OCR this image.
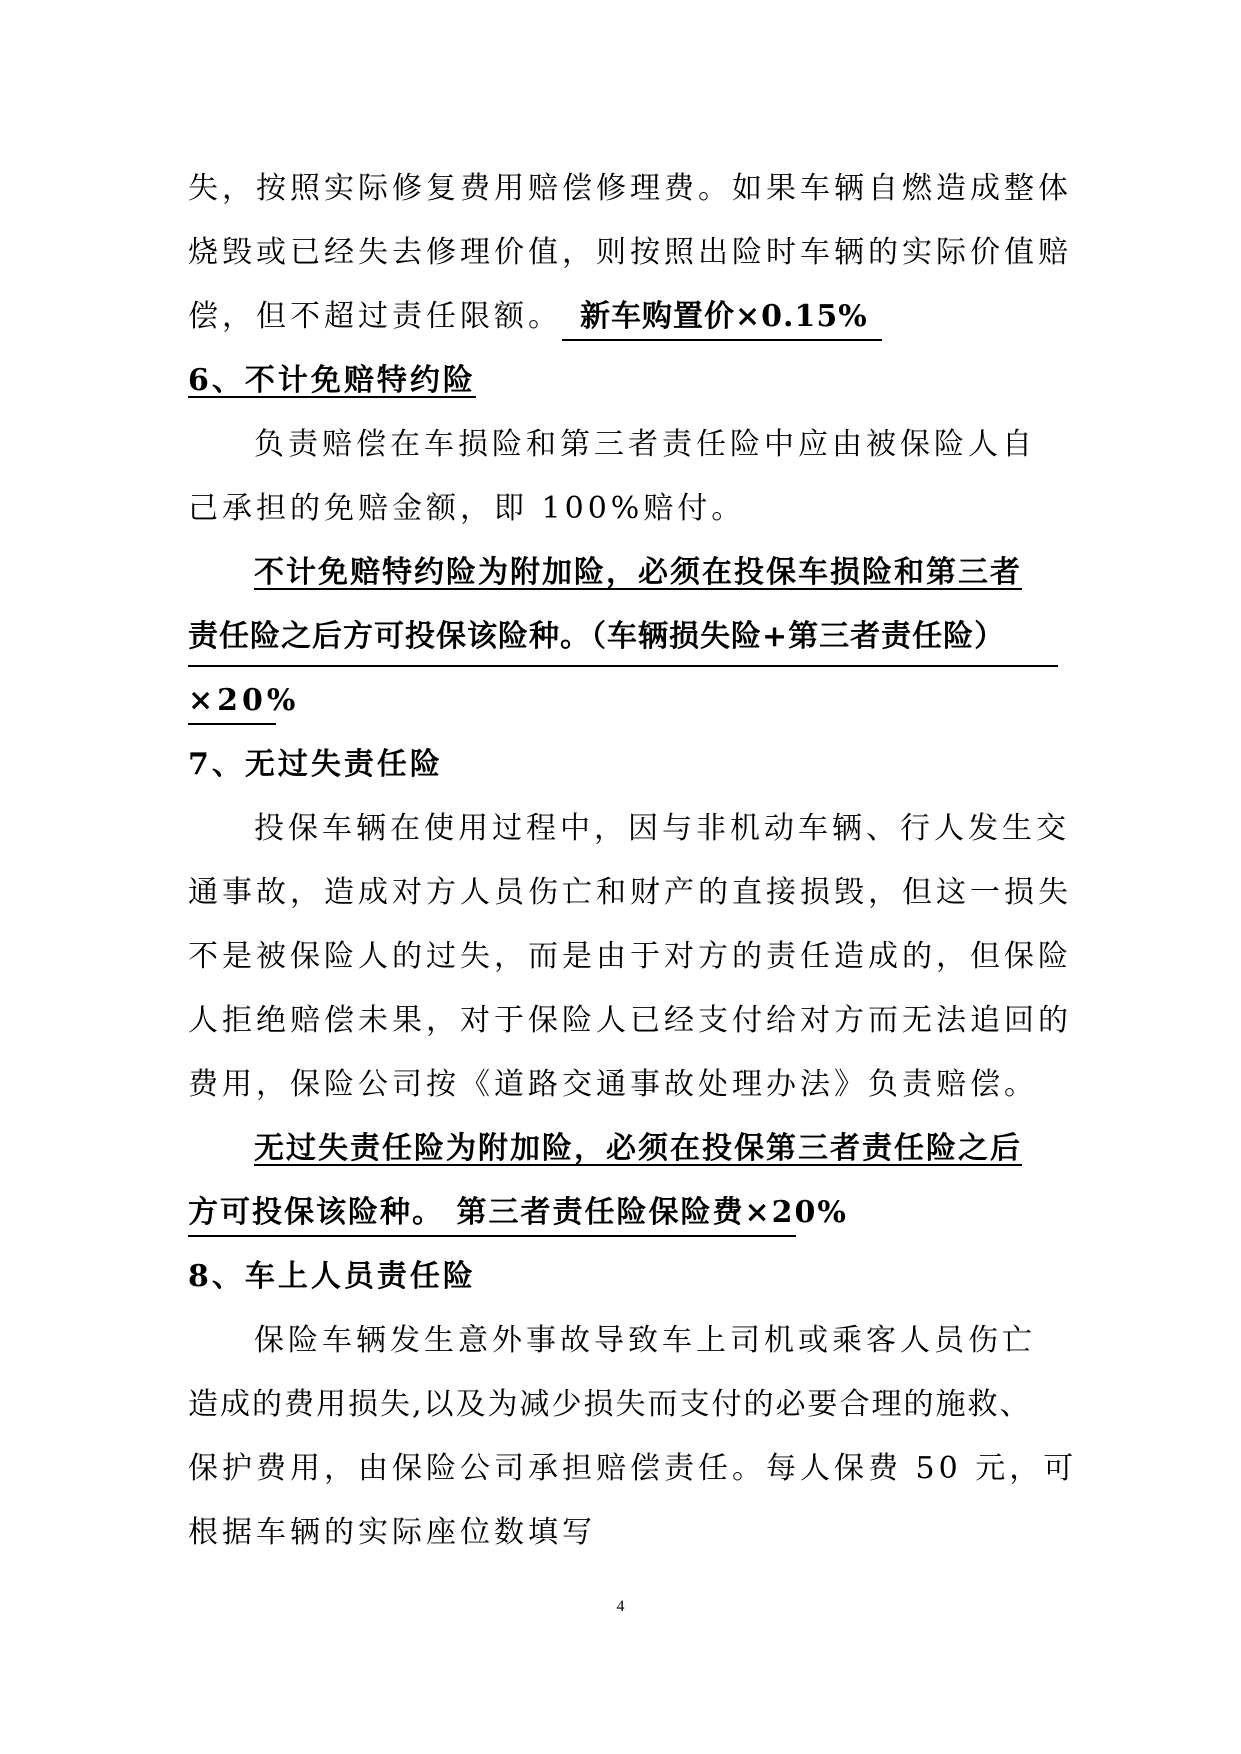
失，按照实际修复费用赔偿修理费。如果车辆自燃造成整体
烧毁或已经失去修理价值，则按照出险时车辆的实际价值赔
偿，但不超过责任限额。 新车购置价×0.15%
6、不计免赔特约险
负责赔偿在车损险和第三者责任险中应由被保险人自
己承担的免赔金额，即 100%赔付。
不计免赔特约险为附加险，必须在投保车损险和第三者
责任险之后方可投保该险种。（车辆损失险+第三者责任险）
×20%
7、无过失责任险
投保车辆在使用过程中，因与非机动车辆、行人发生交
通事故，造成对方人员伤亡和财产的直接损毁，但这一损失
不是被保险人的过失，而是由于对方的责任造成的，但保险
人拒绝赔偿未果，对于保险人已经支付给对方而无法追回的
费用，保险公司按《道路交通事故处理办法》负责赔偿。
无过失责任险为附加险，必须在投保第三者责任险之后
方可投保该险种。 第三者责任险保险费×20%
8、车上人员责任险
保险车辆发生意外事故导致车上司机或乘客人员伤亡
造成的费用损失,以及为减少损失而支付的必要合理的施救、
保护费用，由保险公司承担赔偿责任。每人保费 50 元，可
根据车辆的实际座位数填写
4
